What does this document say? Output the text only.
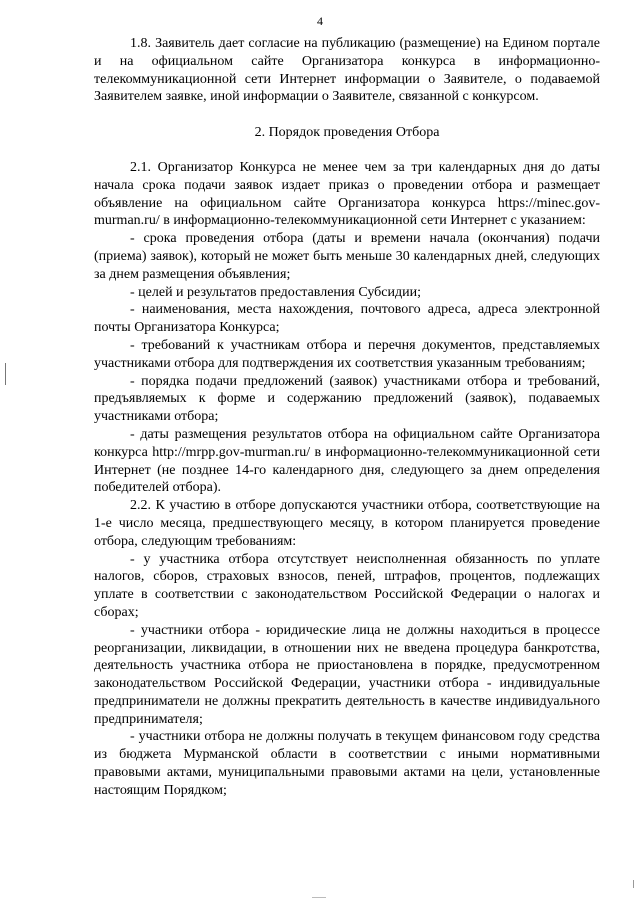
4

1.8. Заявитель дает согласие на публикацию (размещение) на Едином портале и на официальном сайте Организатора конкурса в информационно-телекоммуникационной сети Интернет информации о Заявителе, о подаваемой Заявителем заявке, иной информации о Заявителе, связанной с конкурсом.

2. Порядок проведения Отбора

2.1. Организатор Конкурса не менее чем за три календарных дня до даты начала срока подачи заявок издает приказ о проведении отбора и размещает объявление на официальном сайте Организатора конкурса https://minec.gov-murman.ru/ в информационно-телекоммуникационной сети Интернет с указанием:

- срока проведения отбора (даты и времени начала (окончания) подачи (приема) заявок), который не может быть меньше 30 календарных дней, следующих за днем размещения объявления;

- целей и результатов предоставления Субсидии;

- наименования, места нахождения, почтового адреса, адреса электронной почты Организатора Конкурса;

- требований к участникам отбора и перечня документов, представляемых участниками отбора для подтверждения их соответствия указанным требованиям;

- порядка подачи предложений (заявок) участниками отбора и требований, предъявляемых к форме и содержанию предложений (заявок), подаваемых участниками отбора;

- даты размещения результатов отбора на официальном сайте Организатора конкурса http://mrpp.gov-murman.ru/ в информационно-телекоммуникационной сети Интернет (не позднее 14-го календарного дня, следующего за днем определения победителей отбора).

2.2. К участию в отборе допускаются участники отбора, соответствующие на 1-е число месяца, предшествующего месяцу, в котором планируется проведение отбора, следующим требованиям:

- у участника отбора отсутствует неисполненная обязанность по уплате налогов, сборов, страховых взносов, пеней, штрафов, процентов, подлежащих уплате в соответствии с законодательством Российской Федерации о налогах и сборах;

- участники отбора - юридические лица не должны находиться в процессе реорганизации, ликвидации, в отношении них не введена процедура банкротства, деятельность участника отбора не приостановлена в порядке, предусмотренном законодательством Российской Федерации, участники отбора - индивидуальные предприниматели не должны прекратить деятельность в качестве индивидуального предпринимателя;

- участники отбора не должны получать в текущем финансовом году средства из бюджета Мурманской области в соответствии с иными нормативными правовыми актами, муниципальными правовыми актами на цели, установленные настоящим Порядком;
